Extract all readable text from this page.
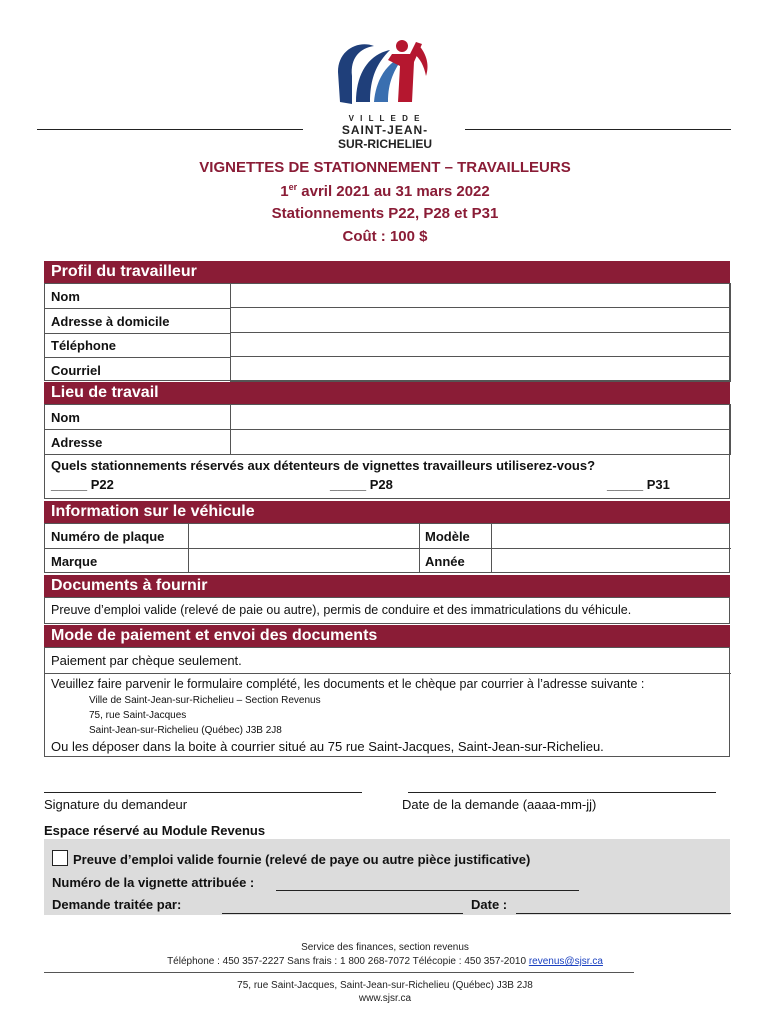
V I L L E D E
SAINT-JEAN-
SUR-RICHELIEU
VIGNETTES DE STATIONNEMENT – TRAVAILLEURS
1er avril 2021 au 31 mars 2022
Stationnements P22, P28 et P31
Coût : 100 $
Profil du travailleur
Nom
Adresse à domicile
Téléphone
Courriel
Lieu de travail
Nom
Adresse
Quels stationnements réservés aux détenteurs de vignettes travailleurs utiliserez-vous?
_____ P22	_____ P28	_____ P31
Information sur le véhicule
Numéro de plaque	Modèle
Marque	Année
Documents à fournir
Preuve d’emploi valide (relevé de paie ou autre), permis de conduire et des immatriculations du véhicule.
Mode de paiement et envoi des documents
Paiement par chèque seulement.
Veuillez faire parvenir le formulaire complété, les documents et le chèque par courrier à l’adresse suivante :
Ville de Saint-Jean-sur-Richelieu – Section Revenus
75, rue Saint-Jacques
Saint-Jean-sur-Richelieu (Québec) J3B 2J8
Ou les déposer dans la boite à courrier situé au 75 rue Saint-Jacques, Saint-Jean-sur-Richelieu.
Signature du demandeur	Date de la demande (aaaa-mm-jj)
Espace réservé au Module Revenus
Preuve d’emploi valide fournie (relevé de paye ou autre pièce justificative)
Numéro de la vignette attribuée :
Demande traitée par:	Date :
Service des finances, section revenus
Téléphone : 450 357-2227 Sans frais : 1 800 268-7072 Télécopie : 450 357-2010 revenus@sjsr.ca
75, rue Saint-Jacques, Saint-Jean-sur-Richelieu (Québec) J3B 2J8
www.sjsr.ca
